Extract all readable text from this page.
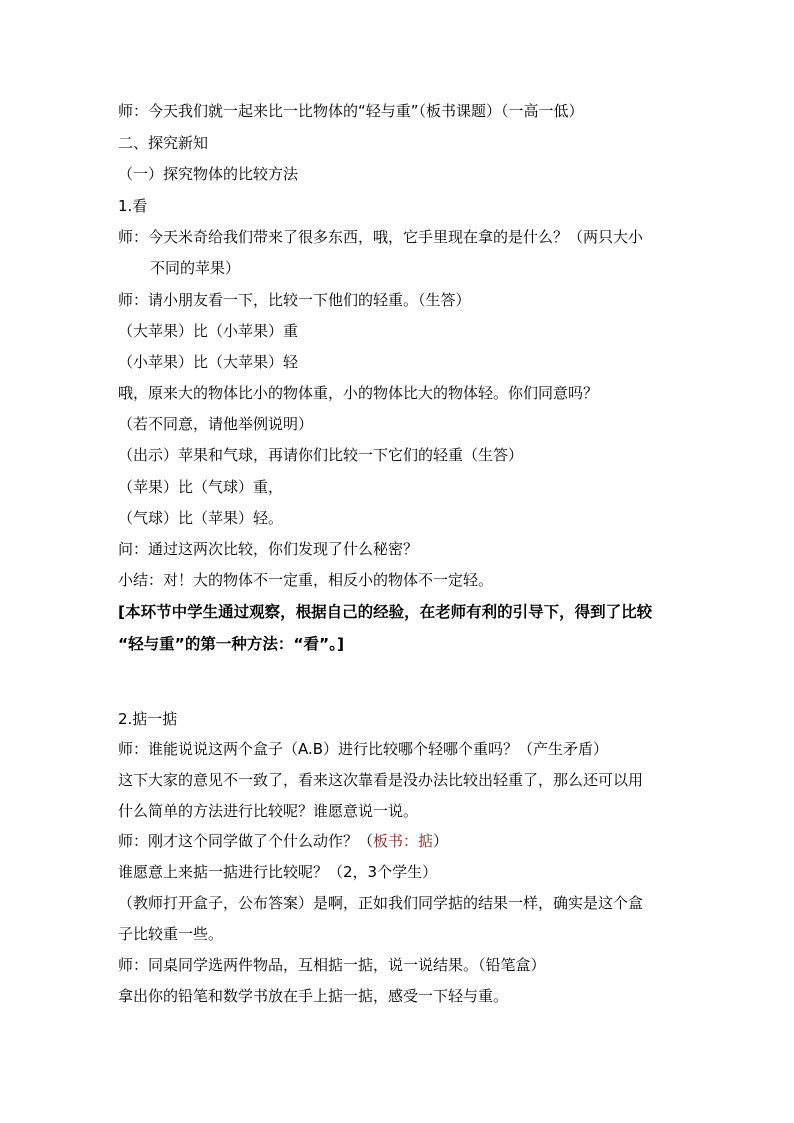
师：今天我们就一起来比一比物体的“轻与重”（板书课题）（一高一低）
二、探究新知
（一）探究物体的比较方法
1.看
师：今天米奇给我们带来了很多东西，哦，它手里现在拿的是什么？（两只大小
不同的苹果）
师：请小朋友看一下，比较一下他们的轻重。（生答）
（大苹果）比（小苹果）重
（小苹果）比（大苹果）轻
哦，原来大的物体比小的物体重，小的物体比大的物体轻。你们同意吗？
（若不同意，请他举例说明）
（出示）苹果和气球，再请你们比较一下它们的轻重（生答）
（苹果）比（气球）重，
（气球）比（苹果）轻。
问：通过这两次比较，你们发现了什么秘密？
小结：对！大的物体不一定重，相反小的物体不一定轻。
[本环节中学生通过观察，根据自己的经验，在老师有利的引导下，得到了比较
“轻与重”的第一种方法：“看”。]
2.掂一掂
师：谁能说说这两个盒子（A.B）进行比较哪个轻哪个重吗？（产生矛盾）
这下大家的意见不一致了，看来这次靠看是没办法比较出轻重了，那么还可以用
什么简单的方法进行比较呢？谁愿意说一说。
师：刚才这个同学做了个什么动作？（板书：掂）
谁愿意上来掂一掂进行比较呢？（2，3个学生）
（教师打开盒子，公布答案）是啊，正如我们同学掂的结果一样，确实是这个盒
子比较重一些。
师：同桌同学选两件物品，互相掂一掂，说一说结果。（铅笔盒）
拿出你的铅笔和数学书放在手上掂一掂，感受一下轻与重。
